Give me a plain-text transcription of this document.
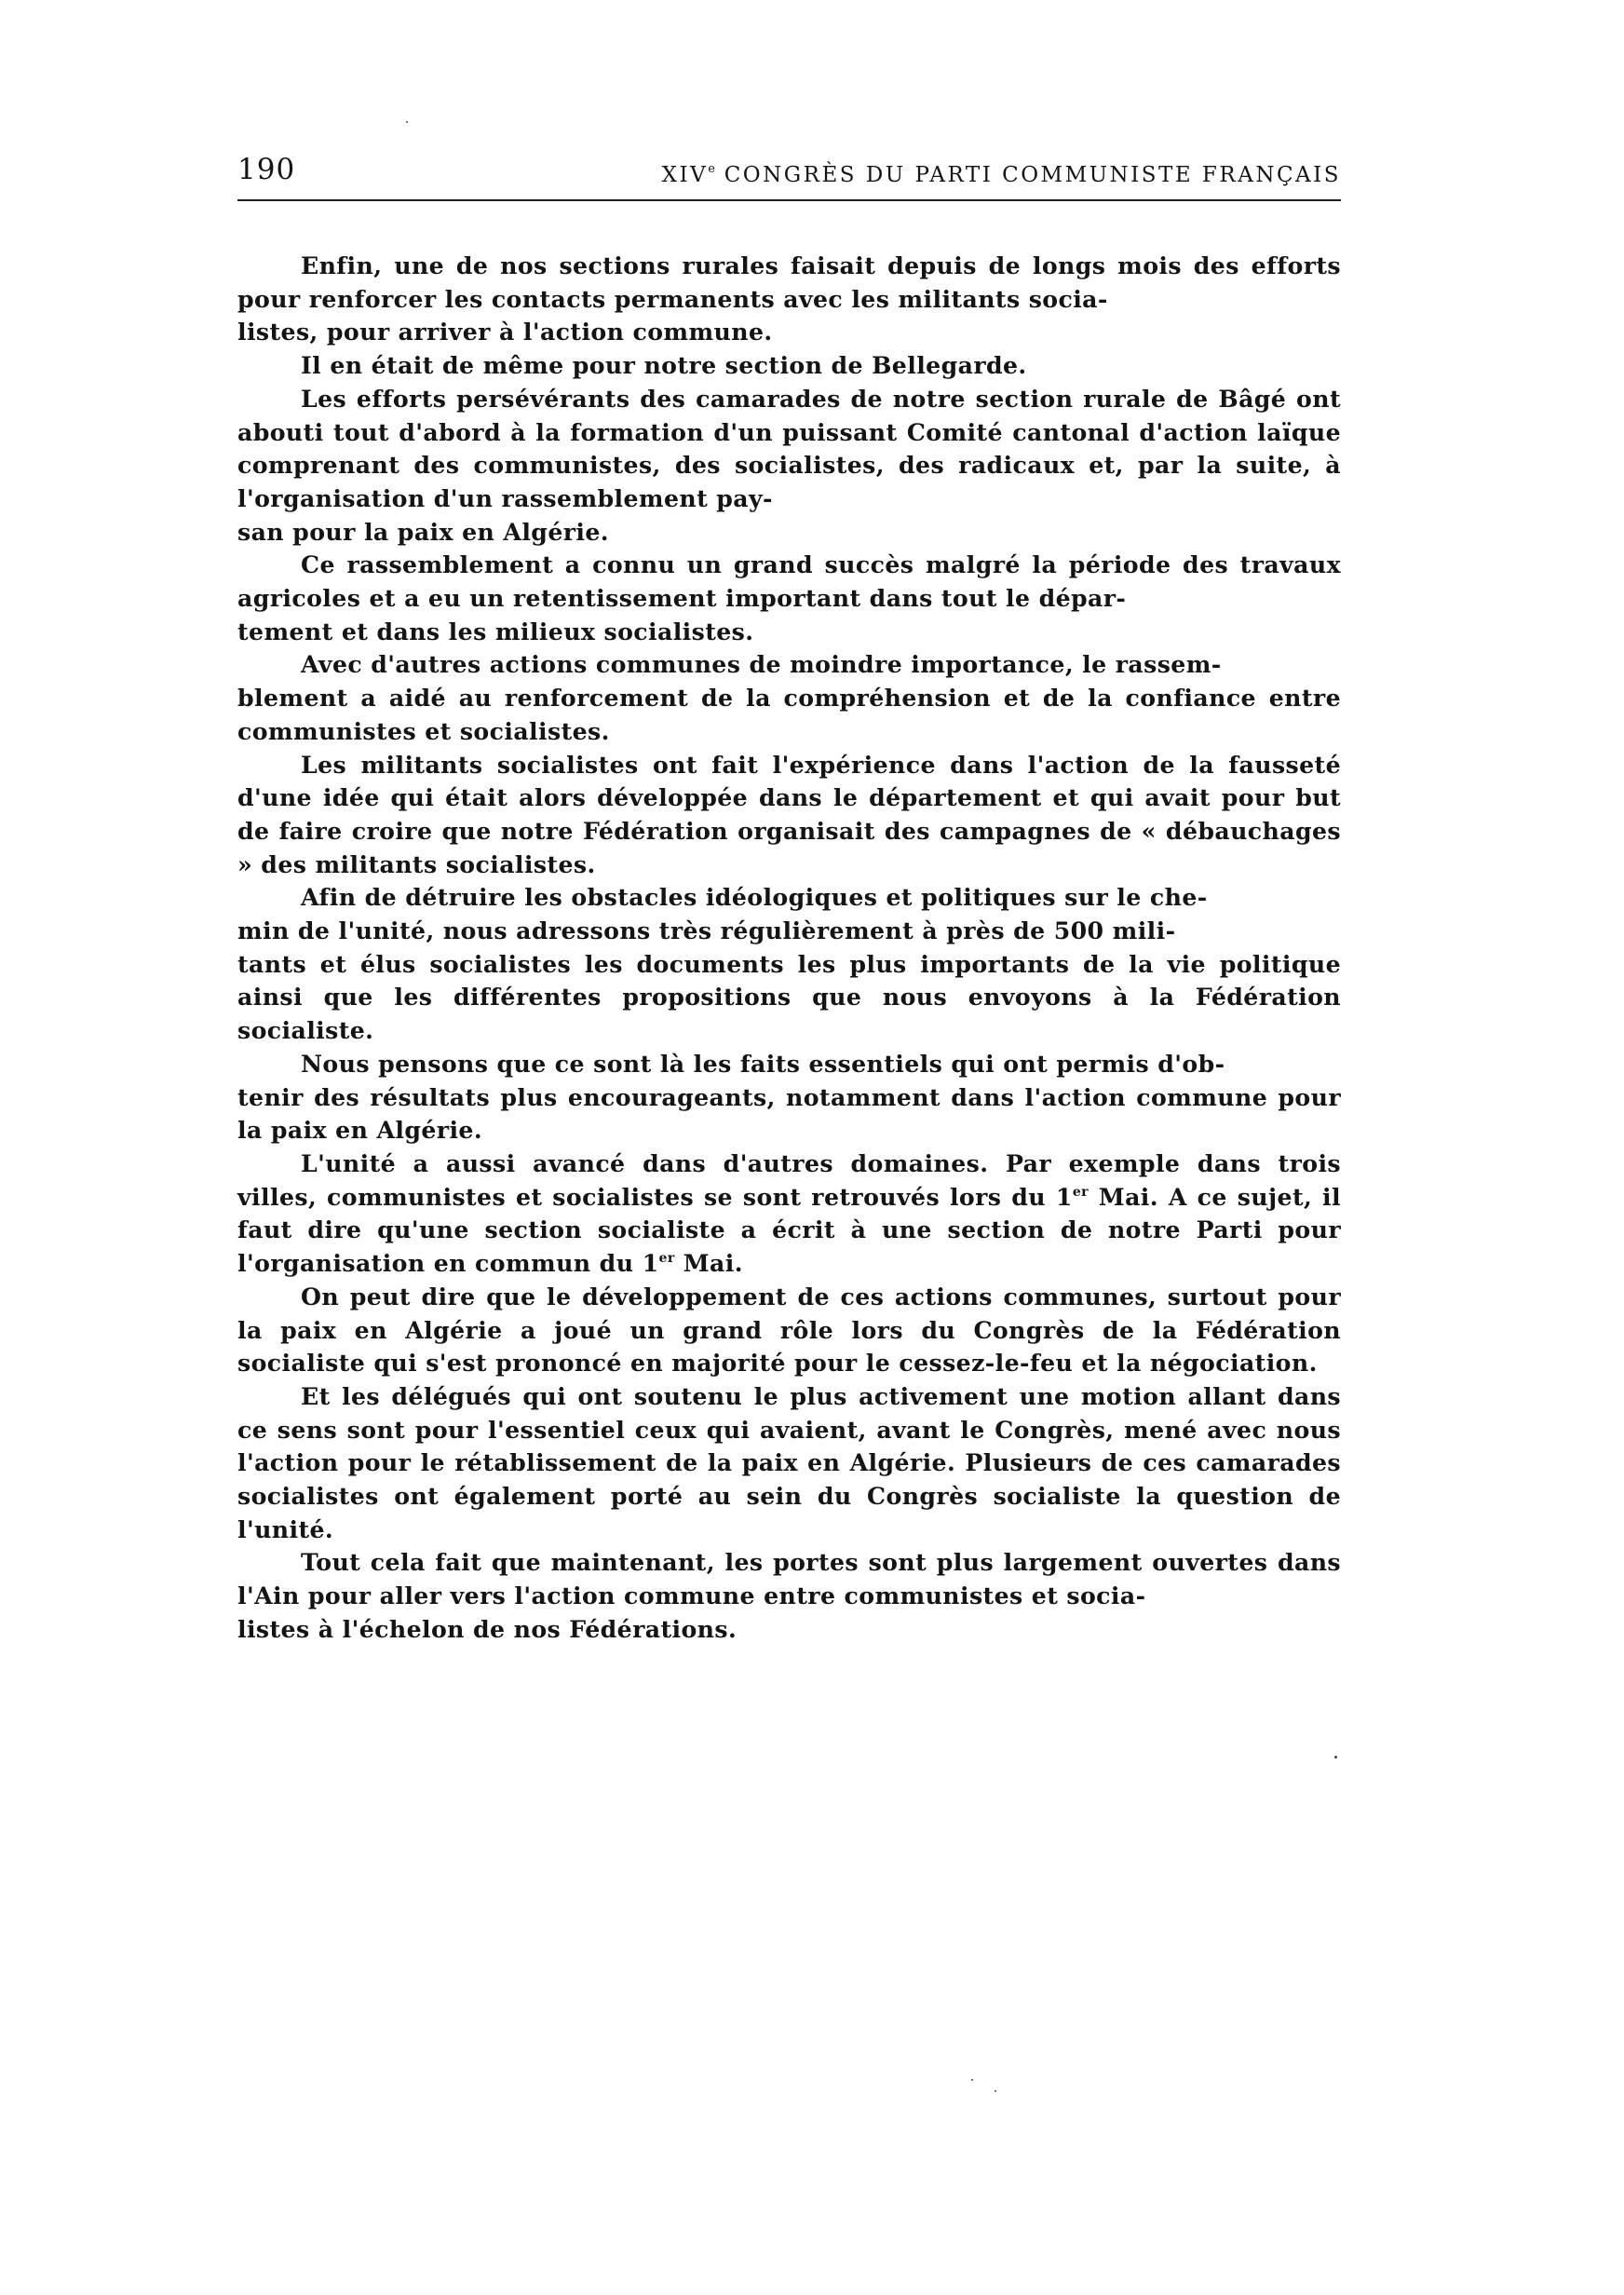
190	XIVe CONGRÈS DU PARTI COMMUNISTE FRANÇAIS

Enfin, une de nos sections rurales faisait depuis de longs mois des efforts pour renforcer les contacts permanents avec les militants socia-
listes, pour arriver à l'action commune.

Il en était de même pour notre section de Bellegarde.

Les efforts persévérants des camarades de notre section rurale de Bâgé ont abouti tout d'abord à la formation d'un puissant Comité cantonal d'action laïque comprenant des communistes, des socialistes, des radicaux et, par la suite, à l'organisation d'un rassemblement pay-
san pour la paix en Algérie.

Ce rassemblement a connu un grand succès malgré la période des travaux agricoles et a eu un retentissement important dans tout le dépar-
tement et dans les milieux socialistes.

Avec d'autres actions communes de moindre importance, le rassem-
blement a aidé au renforcement de la compréhension et de la confiance entre communistes et socialistes.

Les militants socialistes ont fait l'expérience dans l'action de la fausseté d'une idée qui était alors développée dans le département et qui avait pour but de faire croire que notre Fédération organisait des campagnes de « débauchages » des militants socialistes.

Afin de détruire les obstacles idéologiques et politiques sur le che-
min de l'unité, nous adressons très régulièrement à près de 500 mili-
tants et élus socialistes les documents les plus importants de la vie politique ainsi que les différentes propositions que nous envoyons à la Fédération socialiste.

Nous pensons que ce sont là les faits essentiels qui ont permis d'ob-
tenir des résultats plus encourageants, notamment dans l'action commune pour la paix en Algérie.

L'unité a aussi avancé dans d'autres domaines. Par exemple dans trois villes, communistes et socialistes se sont retrouvés lors du 1er Mai. A ce sujet, il faut dire qu'une section socialiste a écrit à une section de notre Parti pour l'organisation en commun du 1er Mai.

On peut dire que le développement de ces actions communes, surtout pour la paix en Algérie a joué un grand rôle lors du Congrès de la Fédération socialiste qui s'est prononcé en majorité pour le cessez-le-feu et la négociation.

Et les délégués qui ont soutenu le plus activement une motion allant dans ce sens sont pour l'essentiel ceux qui avaient, avant le Congrès, mené avec nous l'action pour le rétablissement de la paix en Algérie. Plusieurs de ces camarades socialistes ont également porté au sein du Congrès socialiste la question de l'unité.

Tout cela fait que maintenant, les portes sont plus largement ouvertes dans l'Ain pour aller vers l'action commune entre communistes et socia-
listes à l'échelon de nos Fédérations.
